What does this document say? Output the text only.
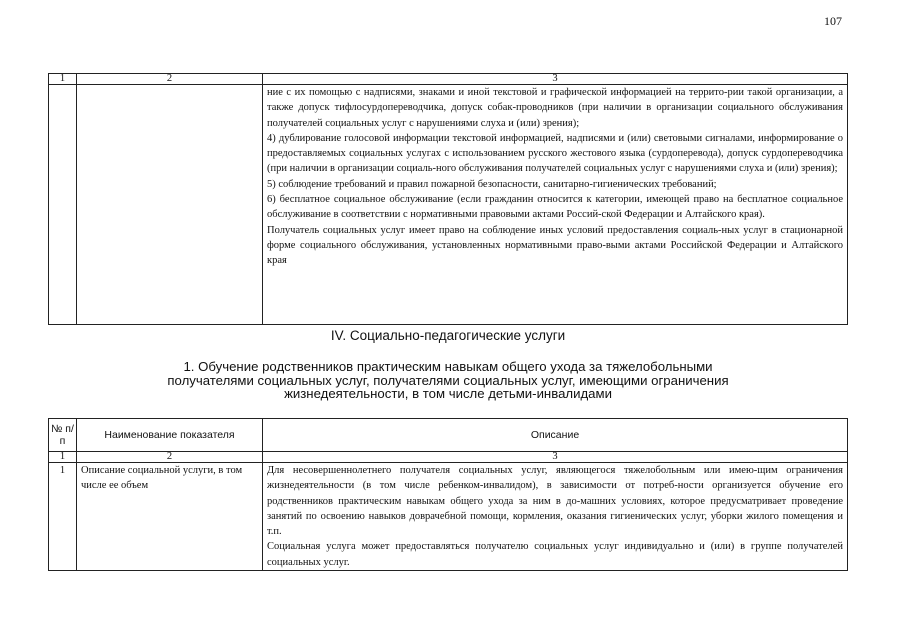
107
1	2	3

		ние с их помощью с надписями, знаками и иной текстовой и графической информацией на террито-рии такой организации, а также допуск тифлосурдопереводчика, допуск собак-проводников (при наличии в организации социального обслуживания получателей социальных услуг с нарушениями слуха и (или) зрения);
4) дублирование голосовой информации текстовой информацией, надписями и (или) световыми сигналами, информирование о предоставляемых социальных услугах с использованием русского жестового языка (сурдоперевода), допуск сурдопереводчика (при наличии в организации социаль-ного обслуживания получателей социальных услуг с нарушениями слуха и (или) зрения);
5) соблюдение требований и правил пожарной безопасности, санитарно-гигиенических требований;
6) бесплатное социальное обслуживание (если гражданин относится к категории, имеющей право на бесплатное социальное обслуживание в соответствии с нормативными правовыми актами Россий-ской Федерации и Алтайского края).
Получатель социальных услуг имеет право на соблюдение иных условий предоставления социаль-ных услуг в стационарной форме социального обслуживания, установленных нормативными право-выми актами Российской Федерации и Алтайского края
IV. Социально-педагогические услуги
1. Обучение родственников практическим навыкам общего ухода за тяжелобольными
получателями социальных услуг, получателями социальных услуг, имеющими ограничения
жизнедеятельности, в том числе детьми-инвалидами
№ п/п	Наименование показателя	Описание
1	2	3
1	Описание социальной услуги, в том числе ее объем	Для несовершеннолетнего получателя социальных услуг, являющегося тяжелобольным или имею-щим ограничения жизнедеятельности (в том числе ребенком-инвалидом), в зависимости от потреб-ности организуется обучение его родственников практическим навыкам общего ухода за ним в до-машних условиях, которое предусматривает проведение занятий по освоению навыков доврачебной помощи, кормления, оказания гигиенических услуг, уборки жилого помещения и т.п.
Социальная услуга может предоставляться получателю социальных услуг индивидуально и (или) в группе получателей социальных услуг.
